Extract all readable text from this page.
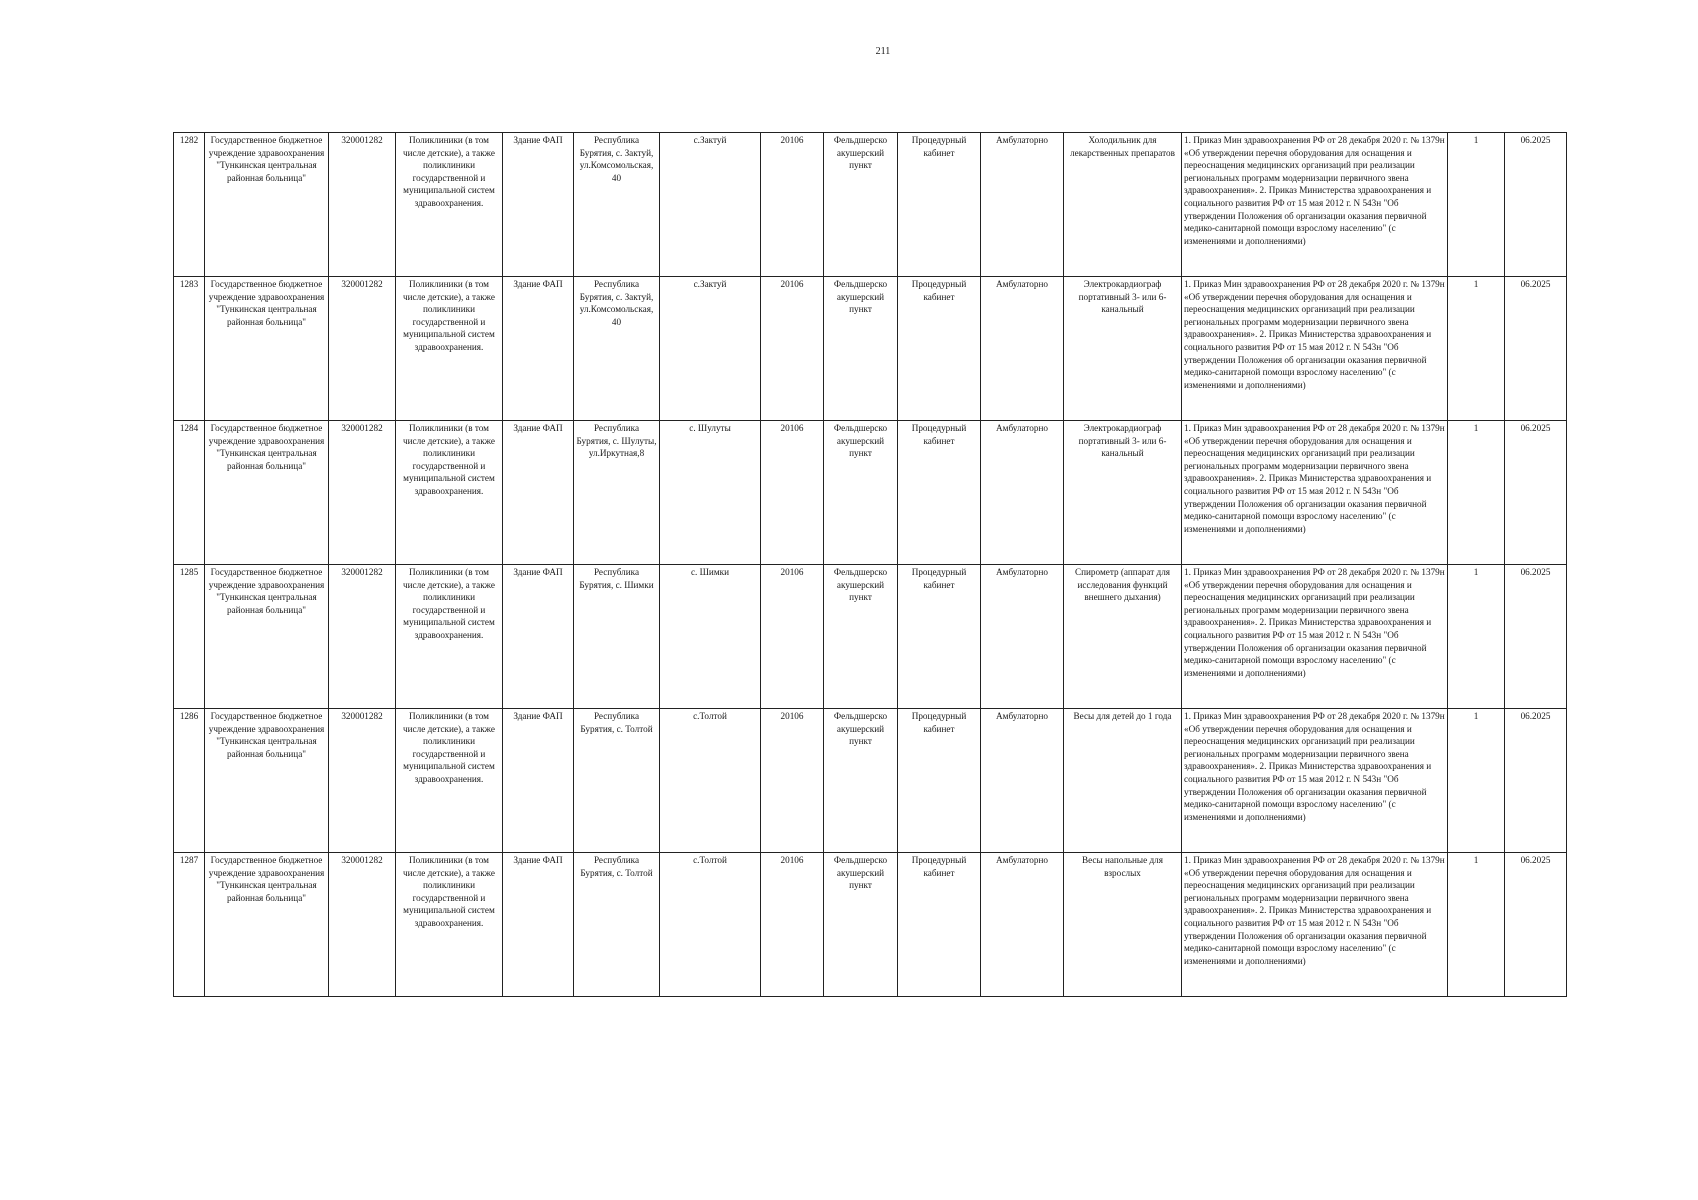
211
1282	Государственное бюджетное учреждение здравоохранения "Тункинская центральная районная больница"	320001282	Поликлиники (в том числе детские), а также поликлиники государственной и муниципальной систем здравоохранения.	Здание ФАП	Республика Бурятия, с. Зактуй, ул.Комсомольская, 40	с.Зактуй	20106	Фельдшерско акушерский пункт	Процедурный кабинет	Амбулаторно	Холодильник для лекарственных препаратов	1. Приказ Мин здравоохранения РФ от 28 декабря 2020 г. № 1379н «Об утверждении перечня оборудования для оснащения и переоснащения медицинских организаций при реализации региональных программ модернизации первичного звена здравоохранения». 2. Приказ Министерства здравоохранения и социального развития РФ от 15 мая 2012 г. N 543н "Об утверждении Положения об организации оказания первичной медико-санитарной помощи взрослому населению" (с изменениями и дополнениями)	1	06.2025
1283	Государственное бюджетное учреждение здравоохранения "Тункинская центральная районная больница"	320001282	Поликлиники (в том числе детские), а также поликлиники государственной и муниципальной систем здравоохранения.	Здание ФАП	Республика Бурятия, с. Зактуй, ул.Комсомольская, 40	с.Зактуй	20106	Фельдшерско акушерский пункт	Процедурный кабинет	Амбулаторно	Электрокардиограф портативный 3- или 6-канальный	1. Приказ Мин здравоохранения РФ от 28 декабря 2020 г. № 1379н «Об утверждении перечня оборудования для оснащения и переоснащения медицинских организаций при реализации региональных программ модернизации первичного звена здравоохранения». 2. Приказ Министерства здравоохранения и социального развития РФ от 15 мая 2012 г. N 543н "Об утверждении Положения об организации оказания первичной медико-санитарной помощи взрослому населению" (с изменениями и дополнениями)	1	06.2025
1284	Государственное бюджетное учреждение здравоохранения "Тункинская центральная районная больница"	320001282	Поликлиники (в том числе детские), а также поликлиники государственной и муниципальной систем здравоохранения.	Здание ФАП	Республика Бурятия, с. Шулуты, ул.Иркутная,8	с. Шулуты	20106	Фельдшерско акушерский пункт	Процедурный кабинет	Амбулаторно	Электрокардиограф портативный 3- или 6-канальный	1. Приказ Мин здравоохранения РФ от 28 декабря 2020 г. № 1379н «Об утверждении перечня оборудования для оснащения и переоснащения медицинских организаций при реализации региональных программ модернизации первичного звена здравоохранения». 2. Приказ Министерства здравоохранения и социального развития РФ от 15 мая 2012 г. N 543н "Об утверждении Положения об организации оказания первичной медико-санитарной помощи взрослому населению" (с изменениями и дополнениями)	1	06.2025
1285	Государственное бюджетное учреждение здравоохранения "Тункинская центральная районная больница"	320001282	Поликлиники (в том числе детские), а также поликлиники государственной и муниципальной систем здравоохранения.	Здание ФАП	Республика Бурятия, с. Шимки	с. Шимки	20106	Фельдшерско акушерский пункт	Процедурный кабинет	Амбулаторно	Спирометр (аппарат для исследования функций внешнего дыхания)	1. Приказ Мин здравоохранения РФ от 28 декабря 2020 г. № 1379н «Об утверждении перечня оборудования для оснащения и переоснащения медицинских организаций при реализации региональных программ модернизации первичного звена здравоохранения». 2. Приказ Министерства здравоохранения и социального развития РФ от 15 мая 2012 г. N 543н "Об утверждении Положения об организации оказания первичной медико-санитарной помощи взрослому населению" (с изменениями и дополнениями)	1	06.2025
1286	Государственное бюджетное учреждение здравоохранения "Тункинская центральная районная больница"	320001282	Поликлиники (в том числе детские), а также поликлиники государственной и муниципальной систем здравоохранения.	Здание ФАП	Республика Бурятия, с. Толтой	с.Толтой	20106	Фельдшерско акушерский пункт	Процедурный кабинет	Амбулаторно	Весы для детей до 1 года	1. Приказ Мин здравоохранения РФ от 28 декабря 2020 г. № 1379н «Об утверждении перечня оборудования для оснащения и переоснащения медицинских организаций при реализации региональных программ модернизации первичного звена здравоохранения». 2. Приказ Министерства здравоохранения и социального развития РФ от 15 мая 2012 г. N 543н "Об утверждении Положения об организации оказания первичной медико-санитарной помощи взрослому населению" (с изменениями и дополнениями)	1	06.2025
1287	Государственное бюджетное учреждение здравоохранения "Тункинская центральная районная больница"	320001282	Поликлиники (в том числе детские), а также поликлиники государственной и муниципальной систем здравоохранения.	Здание ФАП	Республика Бурятия, с. Толтой	с.Толтой	20106	Фельдшерско акушерский пункт	Процедурный кабинет	Амбулаторно	Весы напольные для взрослых	1. Приказ Мин здравоохранения РФ от 28 декабря 2020 г. № 1379н «Об утверждении перечня оборудования для оснащения и переоснащения медицинских организаций при реализации региональных программ модернизации первичного звена здравоохранения». 2. Приказ Министерства здравоохранения и социального развития РФ от 15 мая 2012 г. N 543н "Об утверждении Положения об организации оказания первичной медико-санитарной помощи взрослому населению" (с изменениями и дополнениями)	1	06.2025
